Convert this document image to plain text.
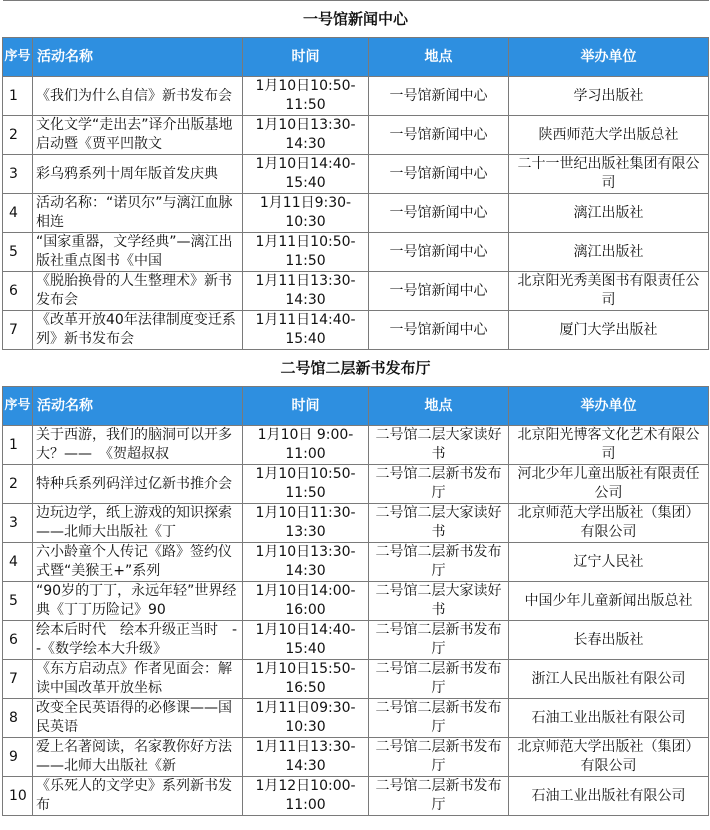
一号馆新闻中心				
序号	活动名称	时间	地点	举办单位

1	《我们为什么自信》新书发布会	1月10日10:50-11:50	一号馆新闻中心	学习出版社

2	文化文学“走出去”译介出版基地启动暨《贾平凹散文	1月10日13:30-14:30	一号馆新闻中心	陕西师范大学出版总社

3	彩乌鸦系列十周年版首发庆典	1月10日14:40-15:40	一号馆新闻中心	二十一世纪出版社集团有限公司

4	活动名称：“诺贝尔”与漓江血脉相连	1月11日9:30-10:30	一号馆新闻中心	漓江出版社

5	“国家重器，文学经典”—漓江出版社重点图书《中国	1月11日10:50-11:50	一号馆新闻中心	漓江出版社

6	《脱胎换骨的人生整理术》新书发布会	1月11日13:30-14:30	一号馆新闻中心	北京阳光秀美图书有限责任公司

7	《改革开放40年法律制度变迁系列》新书发布会	1月11日14:40-15:40	一号馆新闻中心	厦门大学出版社

二号馆二层新书发布厅				
序号	活动名称	时间	地点	举办单位

1	关于西游，我们的脑洞可以开多大？——　《贺超叔叔	1月10日 9:00-11:00	二号馆二层大家读好书	北京阳光博客文化艺术有限公司

2	特种兵系列码洋过亿新书推介会	1月10日10:50-11:50	二号馆二层新书发布厅	河北少年儿童出版社有限责任公司

3	边玩边学，纸上游戏的知识探索——北师大出版社《丁	1月10日11:30-13:30	二号馆二层大家读好书	北京师范大学出版社（集团）有限公司

4	六小龄童个人传记《路》签约仪式暨“美猴王+”系列	1月10日13:30-14:30	二号馆二层新书发布厅	辽宁人民社

5	“90岁的丁丁，永远年轻”世界经典《丁丁历险记》90	1月10日14:00-16:00	二号馆二层大家读好书	中国少年儿童新闻出版总社

6	绘本后时代　绘本升级正当时　--《数学绘本大升级》	1月10日14:40-15:40	二号馆二层新书发布厅	长春出版社

7	《东方启动点》作者见面会：解读中国改革开放坐标	1月10日15:50-16:50	二号馆二层新书发布厅	浙江人民出版社有限公司

8	改变全民英语得的必修课——国民英语	1月11日09:30-10:30	二号馆二层新书发布厅	石油工业出版社有限公司

9	爱上名著阅读，名家教你好方法——北师大出版社《新	1月11日13:30-14:30	二号馆二层新书发布厅	北京师范大学出版社（集团）有限公司

10	《乐死人的文学史》系列新书发布	1月12日10:00-11:00	二号馆二层新书发布厅	石油工业出版社有限公司
